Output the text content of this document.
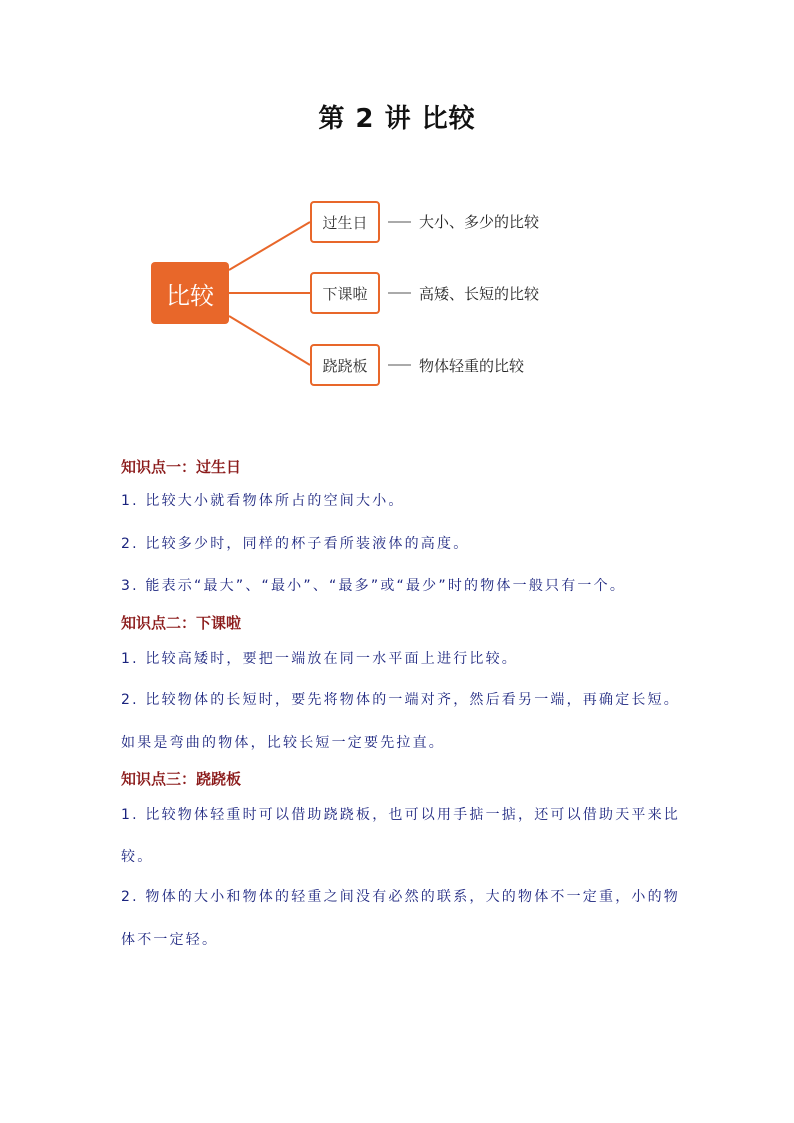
第 2 讲 比较
比较
过生日
下课啦
跷跷板
大小、多少的比较
高矮、长短的比较
物体轻重的比较
知识点一：过生日
1. 比较大小就看物体所占的空间大小。
2. 比较多少时，同样的杯子看所装液体的高度。
3. 能表示“最大”、“最小”、“最多”或“最少”时的物体一般只有一个。
知识点二：下课啦
1. 比较高矮时，要把一端放在同一水平面上进行比较。
2. 比较物体的长短时，要先将物体的一端对齐，然后看另一端，再确定长短。
如果是弯曲的物体，比较长短一定要先拉直。
知识点三：跷跷板
1. 比较物体轻重时可以借助跷跷板，也可以用手掂一掂，还可以借助天平来比
较。
2. 物体的大小和物体的轻重之间没有必然的联系，大的物体不一定重，小的物
体不一定轻。
